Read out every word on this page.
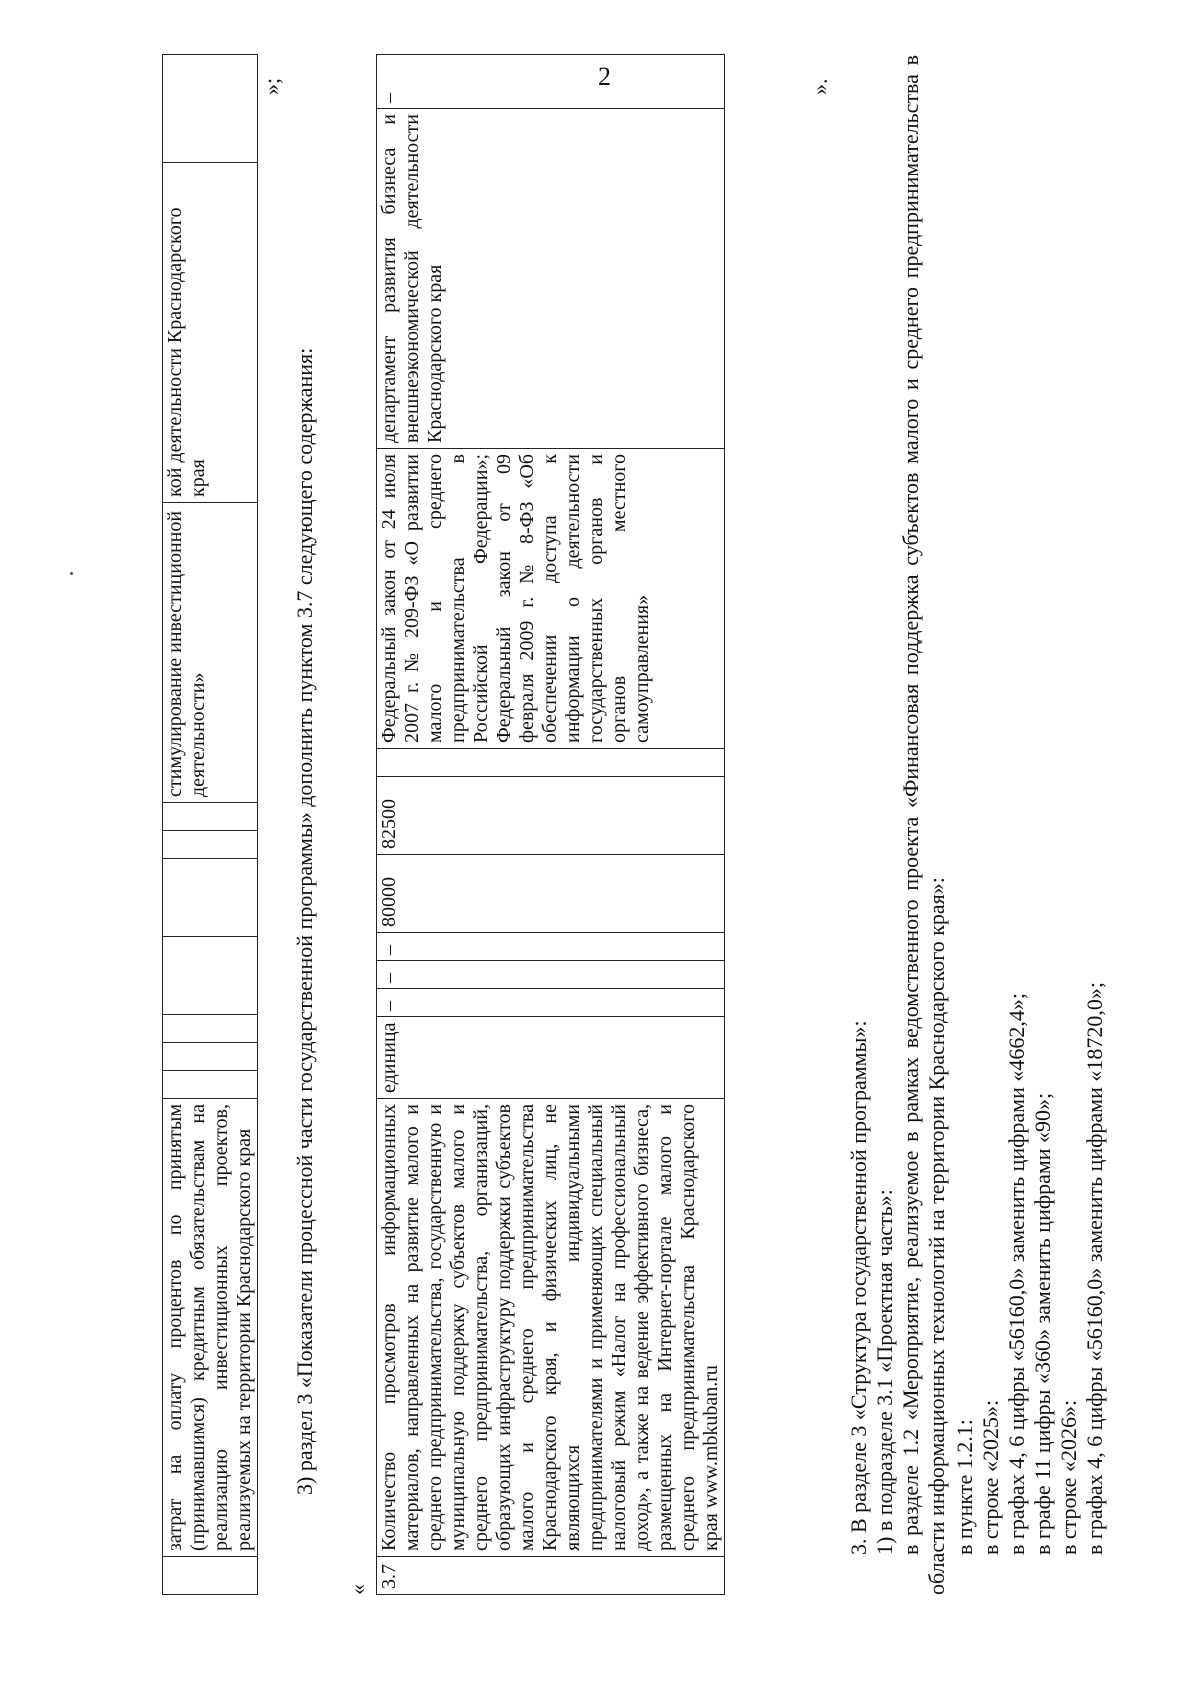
2
	затрат на оплату процентов по принятым (принимавшимся) кредитным обязательствам на реализацию инвестиционных проектов, реализуемых на территории Краснодарского края								стимулирование инвестиционной деятельности»	кой деятельности Краснодарского края	
»;
3) раздел 3 «Показатели процессной части государственной программы» дополнить пунктом 3.7 следующего содержания:
«
3.7	Количество просмотров информационных материалов, направленных на развитие малого и среднего предпринимательства, государственную и муниципальную поддержку субъектов малого и среднего предпринимательства, организаций, образующих инфраструктуру поддержки субъектов малого и среднего предпринимательства Краснодарского края, и физических лиц, не являющихся индивидуальными предпринимателями и применяющих специальный налоговый режим «Налог на профессиональный доход», а также на ведение эффективного бизнеса, размещенных на Интернет-портале малого и среднего предпринимательства Краснодарского края www.mbkuban.ru	единица	–	–	–	80000	82500		Федеральный закон от 24 июля 2007 г. № 209-ФЗ «О развитии малого и среднего предпринимательства в Российской Федерации»; Федеральный закон от 09 февраля 2009 г. № 8-ФЗ «Об обеспечении доступа к информации о деятельности государственных органов и органов местного самоуправления»	департамент развития бизнеса и внешнеэкономической деятельности Краснодарского края	–
».
3. В разделе 3 «Структура государственной программы»: 1) в подразделе 3.1 «Проектная часть»: в разделе 1.2 «Мероприятие, реализуемое в рамках ведомственного проекта «Финансовая поддержка субъектов малого и среднего предпринимательства в области информационных технологий на территории Краснодарского края»: в пункте 1.2.1: в строке «2025»: в графах 4, 6 цифры «56160,0» заменить цифрами «4662,4»; в графе 11 цифры «360» заменить цифрами «90»; в строке «2026»: в графах 4, 6 цифры «56160,0» заменить цифрами «18720,0»;
